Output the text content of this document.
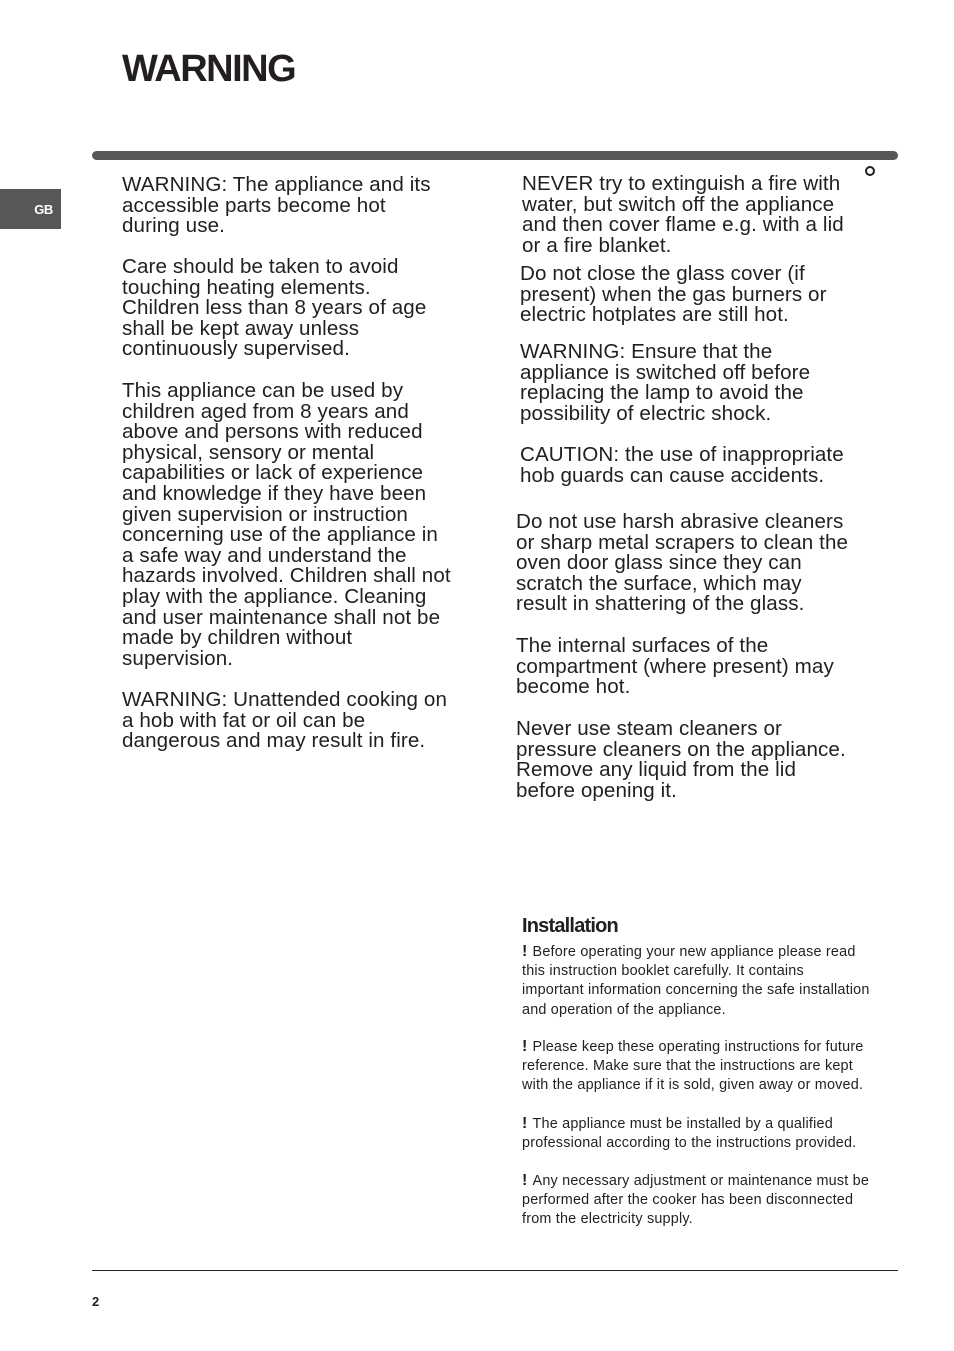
WARNING
GB

WARNING: The appliance and its
accessible parts become hot
during use.

Care should be taken to avoid
touching heating elements.
Children less than 8 years of age
shall be kept away unless
continuously supervised.

This appliance can be used by
children aged from 8 years and
above and persons with reduced
physical, sensory or mental
capabilities or lack of experience
and knowledge if they have been
given supervision or instruction
concerning use of the appliance in
a safe way and understand the
hazards involved. Children shall not
play with the appliance. Cleaning
and user maintenance shall not be
made by children without
supervision.

WARNING: Unattended cooking on
a hob with fat or oil can be
dangerous and may result in fire.

NEVER try to extinguish a fire with
water, but switch off the appliance
and then cover flame e.g. with a lid
or a fire blanket.

Do not close the glass cover (if
present) when the gas burners or
electric hotplates are still hot.

WARNING: Ensure that the
appliance is switched off before
replacing the lamp to avoid the
possibility of electric shock.

CAUTION: the use of inappropriate
hob guards can cause accidents.

Do not use harsh abrasive cleaners
or sharp metal scrapers to clean the
oven door glass since they can
scratch the surface, which may
result in shattering of the glass.

The internal surfaces of the
compartment (where present) may
become hot.

Never use steam cleaners or
pressure cleaners on the appliance.
Remove any liquid from the lid
before opening it.

Installation

! Before operating your new appliance please read
this instruction booklet carefully. It contains
important information concerning the safe installation
and operation of the appliance.

! Please keep these operating instructions for future
reference. Make sure that the instructions are kept
with the appliance if it is sold, given away or moved.

! The appliance must be installed by a qualified
professional according to the instructions provided.

! Any necessary adjustment or maintenance must be
performed after the cooker has been disconnected
from the electricity supply.

2
